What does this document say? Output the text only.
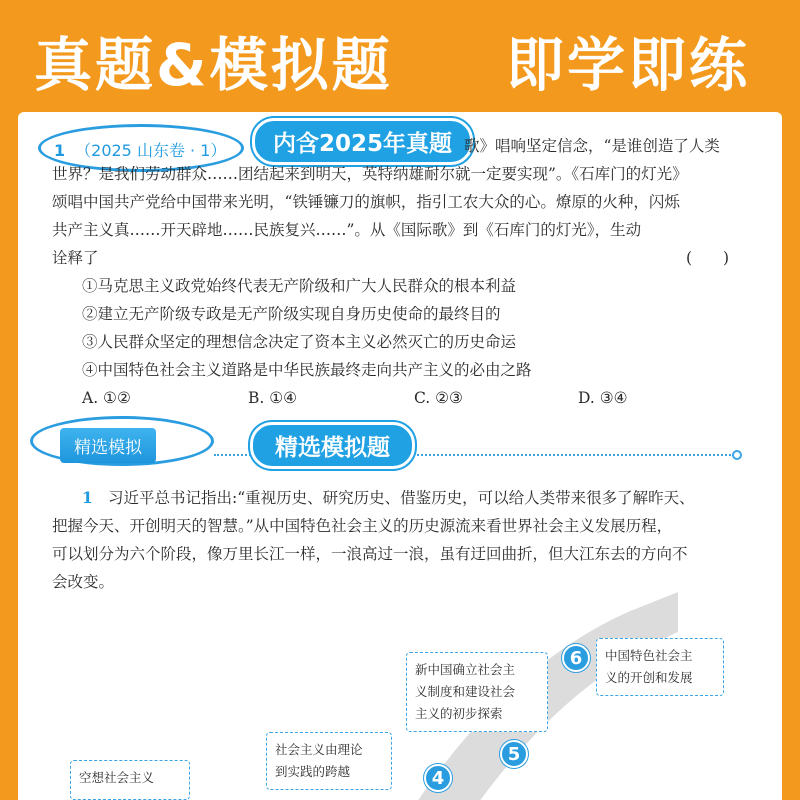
真题&模拟题 即学即练
1 （2025 山东卷 · 1）	内含2025年真题 歌》唱响坚定信念，“是谁创造了人类
世界？是我们劳动群众……团结起来到明天，英特纳雄耐尔就一定要实现”。《石库门的灯光》
颂唱中国共产党给中国带来光明，“铁锤镰刀的旗帜，指引工农大众的心。燎原的火种，闪烁
共产主义真……开天辟地……民族复兴……”。从《国际歌》到《石库门的灯光》，生动
诠释了	(　　)
①马克思主义政党始终代表无产阶级和广大人民群众的根本利益
②建立无产阶级专政是无产阶级实现自身历史使命的最终目的
③人民群众坚定的理想信念决定了资本主义必然灭亡的历史命运
④中国特色社会主义道路是中华民族最终走向共产主义的必由之路
A. ①②	B. ①④	C. ②③	D. ③④
精选模拟	精选模拟题
1 习近平总书记指出:“重视历史、研究历史、借鉴历史，可以给人类带来很多了解昨天、
把握今天、开创明天的智慧。”从中国特色社会主义的历史源流来看世界社会主义发展历程，
可以划分为六个阶段，像万里长江一样，一浪高过一浪，虽有迂回曲折，但大江东去的方向不
会改变。
空想社会主义
社会主义由理论
到实践的跨越	4
新中国确立社会主
义制度和建设社会
主义的初步探索
5
6	中国特色社会主
义的开创和发展
